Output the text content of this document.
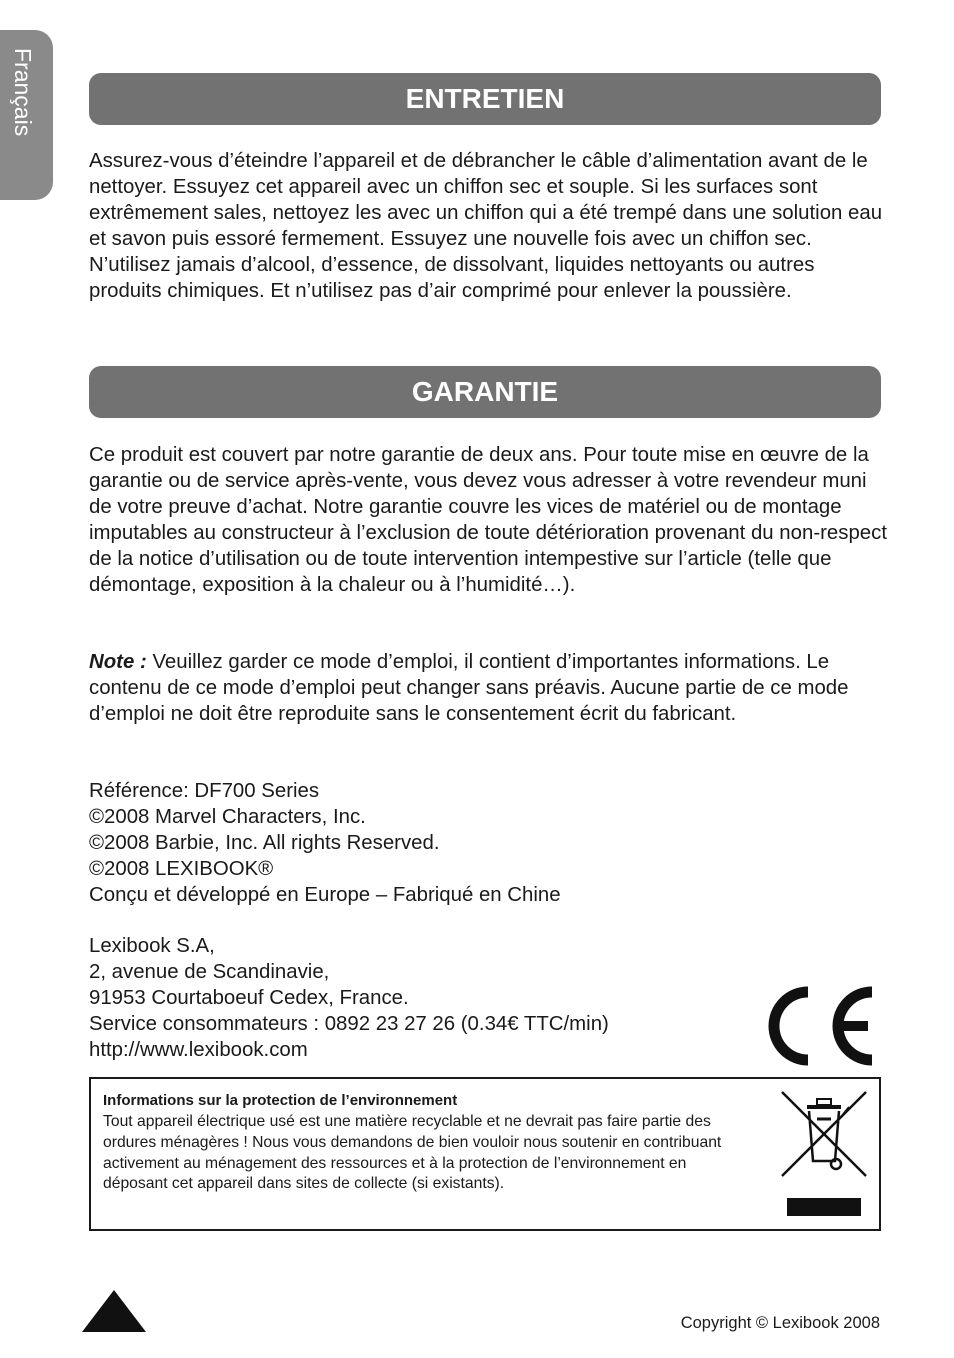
Français	ENTRETIEN

Assurez-vous d’éteindre l’appareil et de débrancher le câble d’alimentation avant de le nettoyer. Essuyez cet appareil avec un chiffon sec et souple. Si les surfaces sont extrêmement sales, nettoyez les avec un chiffon qui a été trempé dans une solution eau et savon puis essoré fermement. Essuyez une nouvelle fois avec un chiffon sec. N’utilisez jamais d’alcool, d’essence, de dissolvant, liquides nettoyants ou autres produits chimiques. Et n’utilisez pas d’air comprimé pour enlever la poussière.

GARANTIE

Ce produit est couvert par notre garantie de deux ans. Pour toute mise en œuvre de la garantie ou de service après-vente, vous devez vous adresser à votre revendeur muni de votre preuve d’achat. Notre garantie couvre les vices de matériel ou de montage imputables au constructeur à l’exclusion de toute détérioration provenant du non-respect de la notice d’utilisation ou de toute intervention intempestive sur l’article (telle que démontage, exposition à la chaleur ou à l’humidité…).

Note : Veuillez garder ce mode d’emploi, il contient d’importantes informations. Le contenu de ce mode d’emploi peut changer sans préavis. Aucune partie de ce mode d’emploi ne doit être reproduite sans le consentement écrit du fabricant.

Référence: DF700 Series
©2008 Marvel Characters, Inc.
©2008 Barbie, Inc. All rights Reserved.
©2008 LEXIBOOK®
Conçu et développé en Europe – Fabriqué en Chine
Lexibook S.A,
2, avenue de Scandinavie,
91953 Courtaboeuf Cedex, France.
Service consommateurs : 0892 23 27 26 (0.34€ TTC/min)
http://www.lexibook.com

Informations sur la protection de l’environnement

Tout appareil électrique usé est une matière recyclable et ne devrait pas faire partie des ordures ménagères ! Nous vous demandons de bien vouloir nous soutenir en contribuant activement au ménagement des ressources et à la protection de l’environnement en déposant cet appareil dans sites de collecte (si existants).

10	Copyright © Lexibook 2008
